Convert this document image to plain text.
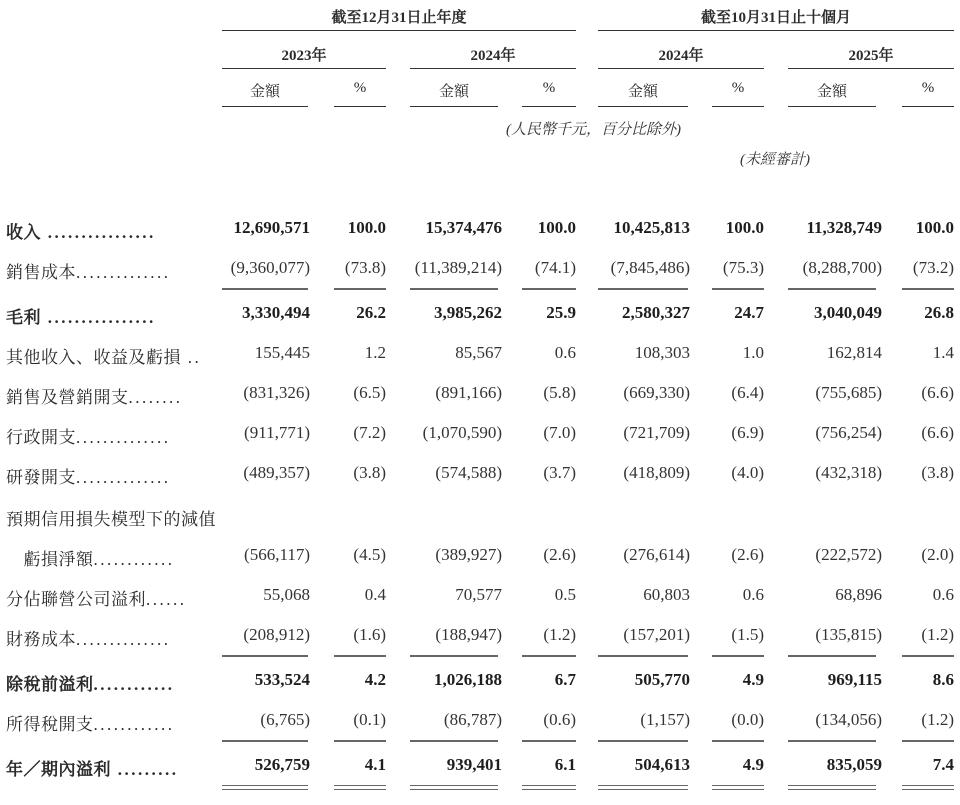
截至12月31日止年度	截至10月31日止十個月
2023年	2024年	2024年	2025年
金額	%	金額	%	金額	%	金額	%
(人民幣千元，百分比除外)
(未經審計)
收入 ................	12,690,571 100.0 15,374,476 100.0 10,425,813 100.0 11,328,749 100.0
銷售成本..............	(9,360,077) (73.8) (11,389,214) (74.1) (7,845,486) (75.3) (8,288,700) (73.2)
毛利 ................	3,330,494	26.2	3,985,262	25.9	2,580,327	24.7	3,040,049 26.8
其他收入、收益及虧損 ..	155,445	1.2	85,567	0.6	108,303	1.0	162,814	1.4
銷售及營銷開支........	(831,326)	(6.5)	(891,166) (5.8)	(669,330) (6.4)	(755,685) (6.6)
行政開支..............	(911,771)	(7.2) (1,070,590) (7.0)	(721,709) (6.9)	(756,254) (6.6)
研發開支..............	(489,357)	(3.8)	(574,588) (3.7)	(418,809) (4.0)	(432,318) (3.8)
預期信用損失模型下的減值
　虧損淨額............	(566,117)	(4.5)	(389,927) (2.6)	(276,614) (2.6)	(222,572) (2.0)
分佔聯營公司溢利......	55,068	0.4	70,577	0.5	60,803	0.6	68,896	0.6
財務成本..............	(208,912)	(1.6)	(188,947) (1.2)	(157,201) (1.5)	(135,815) (1.2)
除稅前溢利............	533,524	4.2	1,026,188	6.7	505,770	4.9	969,115	8.6
所得稅開支............	(6,765)	(0.1)	(86,787) (0.6)	(1,157) (0.0)	(134,056) (1.2)
年／期內溢利 .........	526,759	4.1	939,401	6.1	504,613	4.9	835,059	7.4
